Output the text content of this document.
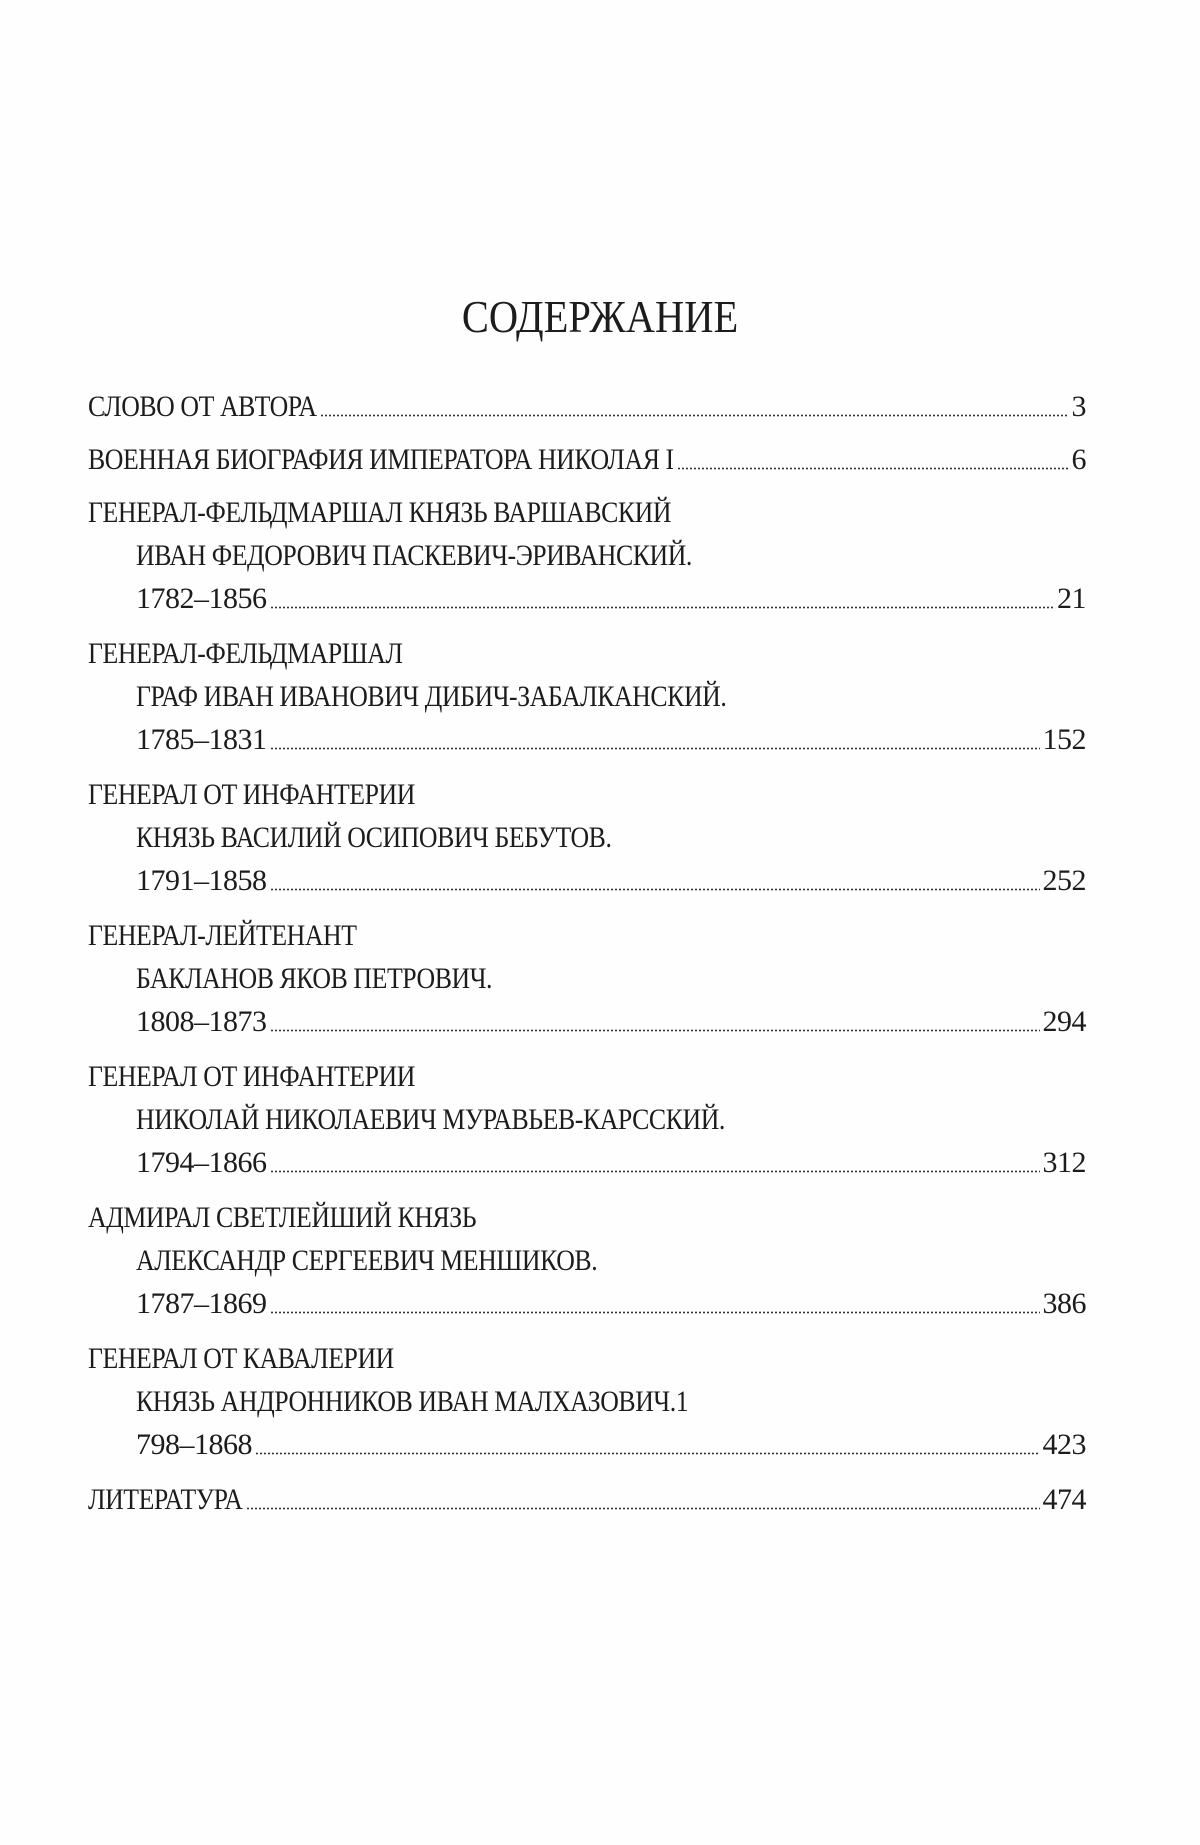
СОДЕРЖАНИЕ
СЛОВО ОТ АВТОРА	3
ВОЕННАЯ БИОГРАФИЯ ИМПЕРАТОРА НИКОЛАЯ I	6
ГЕНЕРАЛ-ФЕЛЬДМАРШАЛ КНЯЗЬ ВАРШАВСКИЙ
ИВАН ФЕДОРОВИЧ ПАСКЕВИЧ-ЭРИВАНСКИЙ.
1782–1856	21
ГЕНЕРАЛ-ФЕЛЬДМАРШАЛ
ГРАФ ИВАН ИВАНОВИЧ ДИБИЧ-ЗАБАЛКАНСКИЙ.
1785–1831	152
ГЕНЕРАЛ ОТ ИНФАНТЕРИИ
КНЯЗЬ ВАСИЛИЙ ОСИПОВИЧ БЕБУТОВ.
1791–1858	252
ГЕНЕРАЛ-ЛЕЙТЕНАНТ
БАКЛАНОВ ЯКОВ ПЕТРОВИЧ.
1808–1873	294
ГЕНЕРАЛ ОТ ИНФАНТЕРИИ
НИКОЛАЙ НИКОЛАЕВИЧ МУРАВЬЕВ-КАРССКИЙ.
1794–1866	312
АДМИРАЛ СВЕТЛЕЙШИЙ КНЯЗЬ
АЛЕКСАНДР СЕРГЕЕВИЧ МЕНШИКОВ.
1787–1869	386
ГЕНЕРАЛ ОТ КАВАЛЕРИИ
КНЯЗЬ АНДРОННИКОВ ИВАН МАЛХАЗОВИЧ.1
798–1868	423
ЛИТЕРАТУРА	474
